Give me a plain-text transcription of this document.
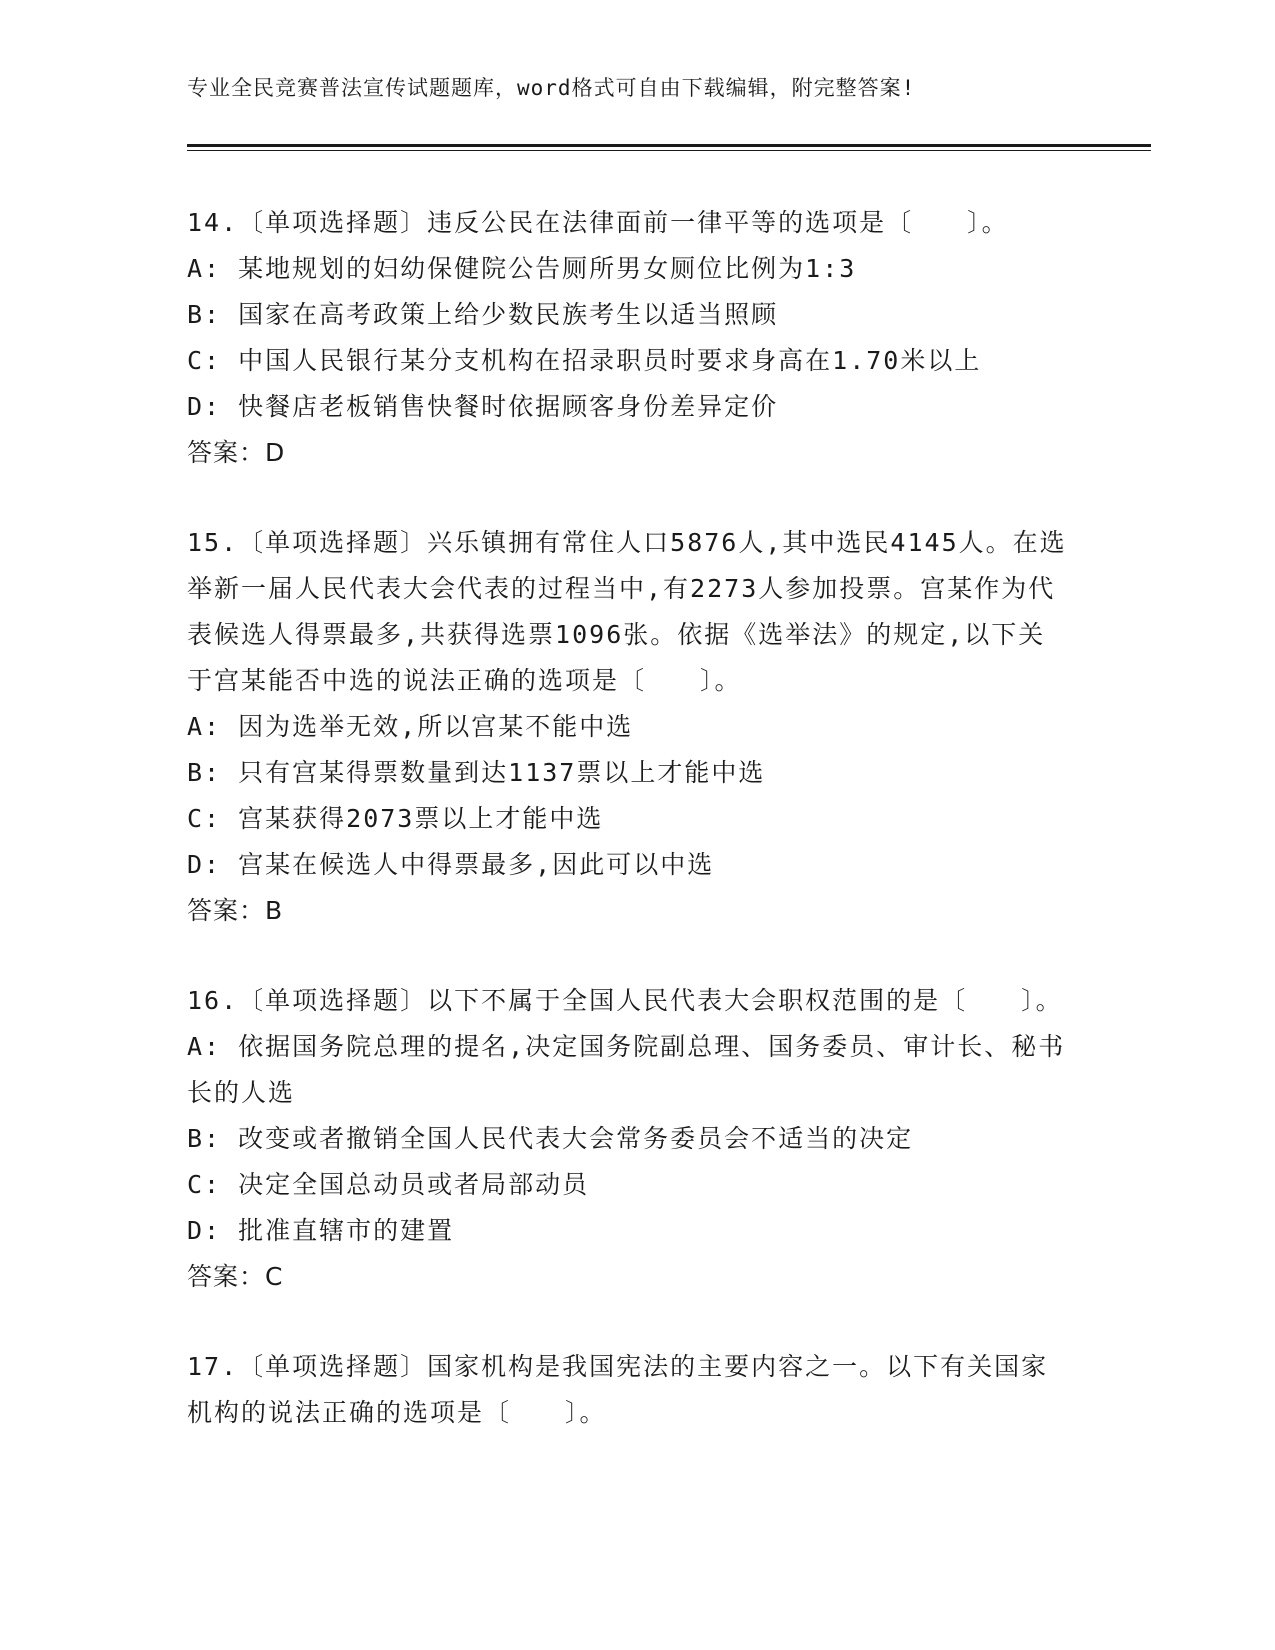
专业全民竞赛普法宣传试题题库，word格式可自由下载编辑，附完整答案!
14.〔单项选择题〕违反公民在法律面前一律平等的选项是〔　　〕。
A: 某地规划的妇幼保健院公告厕所男女厕位比例为1:3
B: 国家在高考政策上给少数民族考生以适当照顾
C: 中国人民银行某分支机构在招录职员时要求身高在1.70米以上
D: 快餐店老板销售快餐时依据顾客身份差异定价
答案：D
15.〔单项选择题〕兴乐镇拥有常住人口5876人,其中选民4145人。在选举新一届人民代表大会代表的过程当中,有2273人参加投票。宫某作为代表候选人得票最多,共获得选票1096张。依据《选举法》的规定,以下关于宫某能否中选的说法正确的选项是〔　　〕。
A: 因为选举无效,所以宫某不能中选
B: 只有宫某得票数量到达1137票以上才能中选
C: 宫某获得2073票以上才能中选
D: 宫某在候选人中得票最多,因此可以中选
答案：B
16.〔单项选择题〕以下不属于全国人民代表大会职权范围的是〔　　〕。
A: 依据国务院总理的提名,决定国务院副总理、国务委员、审计长、秘书长的人选
B: 改变或者撤销全国人民代表大会常务委员会不适当的决定
C: 决定全国总动员或者局部动员
D: 批准直辖市的建置
答案：C
17.〔单项选择题〕国家机构是我国宪法的主要内容之一。以下有关国家机构的说法正确的选项是〔　　〕。
